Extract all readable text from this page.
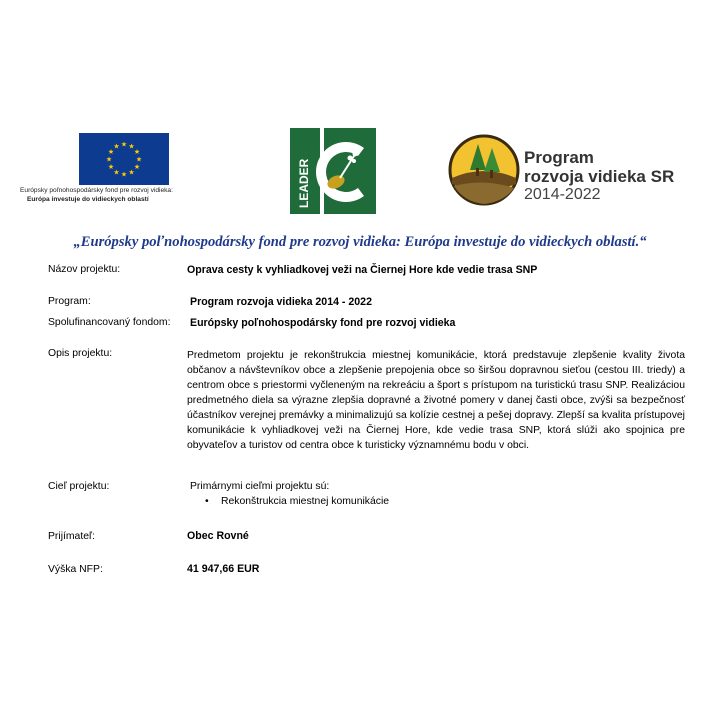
★ ★
★
★
★
★
★
★
★
★
★
★
Európsky poľnohospodársky fond pre rozvoj vidieka:
Európa investuje do vidieckych oblastí	LEADER
Program
rozvoja vidieka SR
2014-2022
„Európsky poľnohospodársky fond pre rozvoj vidieka: Európa investuje do vidieckych oblastí.“
Názov projektu:	Oprava cesty k vyhliadkovej veži na Čiernej Hore kde vedie trasa SNP
Program:	Program rozvoja vidieka 2014 - 2022
Spolufinancovaný fondom: Európsky poľnohospodársky fond pre rozvoj vidieka
Opis projektu:	Predmetom projektu je rekonštrukcia miestnej komunikácie, ktorá predstavuje zlepšenie kvality života občanov a návštevníkov obce a zlepšenie prepojenia obce so širšou dopravnou sieťou (cestou III. triedy) a centrom obce s priestormi vyčleneným na rekreáciu a šport s prístupom na turistickú trasu SNP. Realizáciou predmetného diela sa výrazne zlepšia dopravné a životné pomery v danej časti obce, zvýši sa bezpečnosť účastníkov verejnej premávky a minimalizujú sa kolízie cestnej a pešej dopravy. Zlepší sa kvalita prístupovej komunikácie k vyhliadkovej veži na Čiernej Hore, kde vedie trasa SNP, ktorá slúži ako spojnica pre obyvateľov a turistov od centra obce k turisticky významnému bodu v obci.
Cieľ projektu:	Primárnymi cieľmi projektu sú:
• Rekonštrukcia miestnej komunikácie
Prijímateľ:	Obec Rovné
Výška NFP:	41 947,66 EUR
